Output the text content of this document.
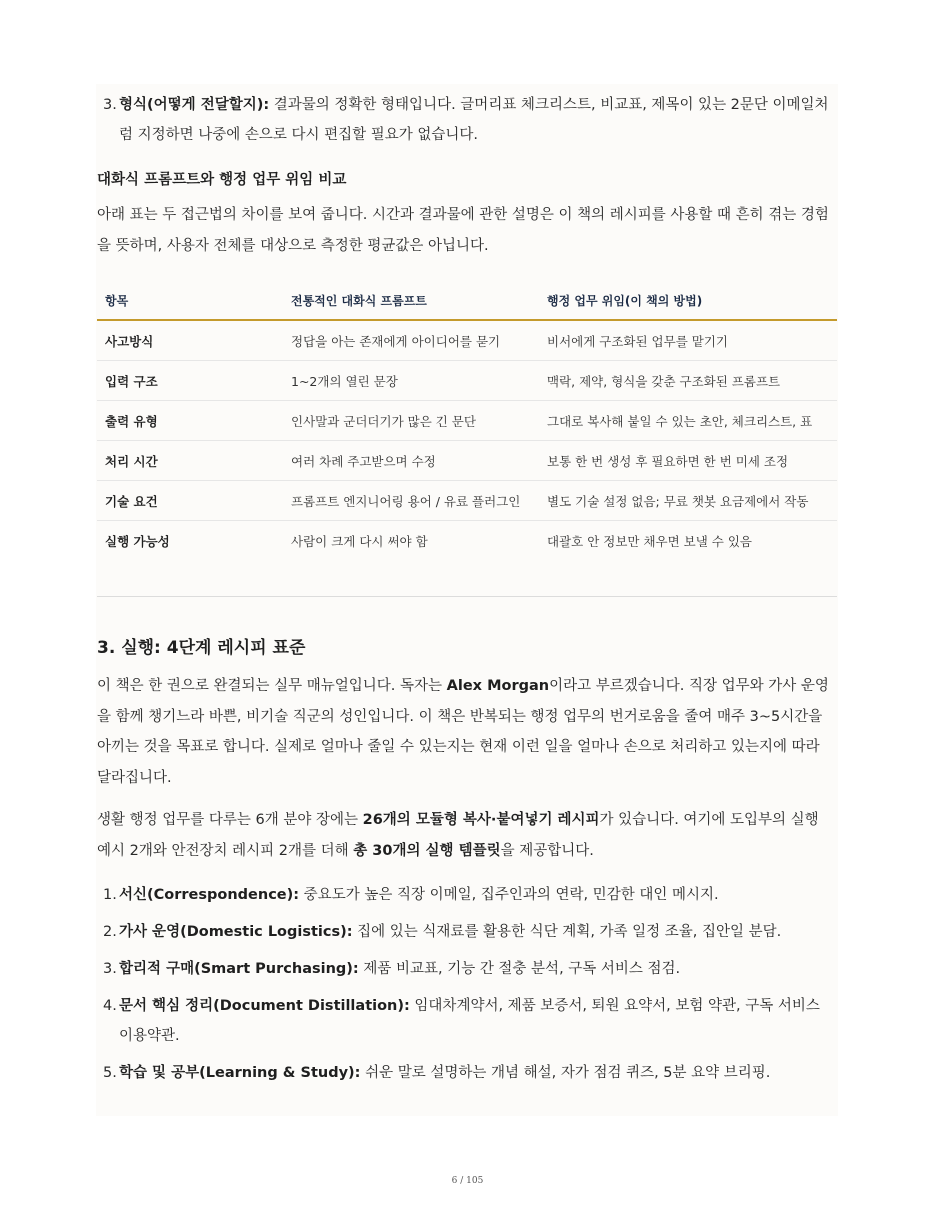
3. 형식(어떻게 전달할지): 결과물의 정확한 형태입니다. 글머리표 체크리스트, 비교표, 제목이 있는 2문단 이메일처럼 지정하면 나중에 손으로 다시 편집할 필요가 없습니다.
대화식 프롬프트와 행정 업무 위임 비교

아래 표는 두 접근법의 차이를 보여 줍니다. 시간과 결과물에 관한 설명은 이 책의 레시피를 사용할 때 흔히 겪는 경험을 뜻하며, 사용자 전체를 대상으로 측정한 평균값은 아닙니다.

항목	전통적인 대화식 프롬프트	행정 업무 위임(이 책의 방법)
사고방식	정답을 아는 존재에게 아이디어를 묻기	비서에게 구조화된 업무를 맡기기
입력 구조	1~2개의 열린 문장	맥락, 제약, 형식을 갖춘 구조화된 프롬프트
출력 유형	인사말과 군더더기가 많은 긴 문단	그대로 복사해 붙일 수 있는 초안, 체크리스트, 표
처리 시간	여러 차례 주고받으며 수정	보통 한 번 생성 후 필요하면 한 번 미세 조정
기술 요건	프롬프트 엔지니어링 용어 / 유료 플러그인	별도 기술 설정 없음; 무료 챗봇 요금제에서 작동
실행 가능성	사람이 크게 다시 써야 함	대괄호 안 정보만 채우면 보낼 수 있음
3. 실행: 4단계 레시피 표준

이 책은 한 권으로 완결되는 실무 매뉴얼입니다. 독자는 Alex Morgan이라고 부르겠습니다. 직장 업무와 가사 운영을 함께 챙기느라 바쁜, 비기술 직군의 성인입니다. 이 책은 반복되는 행정 업무의 번거로움을 줄여 매주 3~5시간을 아끼는 것을 목표로 합니다. 실제로 얼마나 줄일 수 있는지는 현재 이런 일을 얼마나 손으로 처리하고 있는지에 따라 달라집니다.

생활 행정 업무를 다루는 6개 분야 장에는 26개의 모듈형 복사·붙여넣기 레시피가 있습니다. 여기에 도입부의 실행 예시 2개와 안전장치 레시피 2개를 더해 총 30개의 실행 템플릿을 제공합니다.

1. 서신(Correspondence): 중요도가 높은 직장 이메일, 집주인과의 연락, 민감한 대인 메시지.
2. 가사 운영(Domestic Logistics): 집에 있는 식재료를 활용한 식단 계획, 가족 일정 조율, 집안일 분담.
3. 합리적 구매(Smart Purchasing): 제품 비교표, 기능 간 절충 분석, 구독 서비스 점검.
4. 문서 핵심 정리(Document Distillation): 임대차계약서, 제품 보증서, 퇴원 요약서, 보험 약관, 구독 서비스 이용약관.
5. 학습 및 공부(Learning & Study): 쉬운 말로 설명하는 개념 해설, 자가 점검 퀴즈, 5분 요약 브리핑.
6 / 105
